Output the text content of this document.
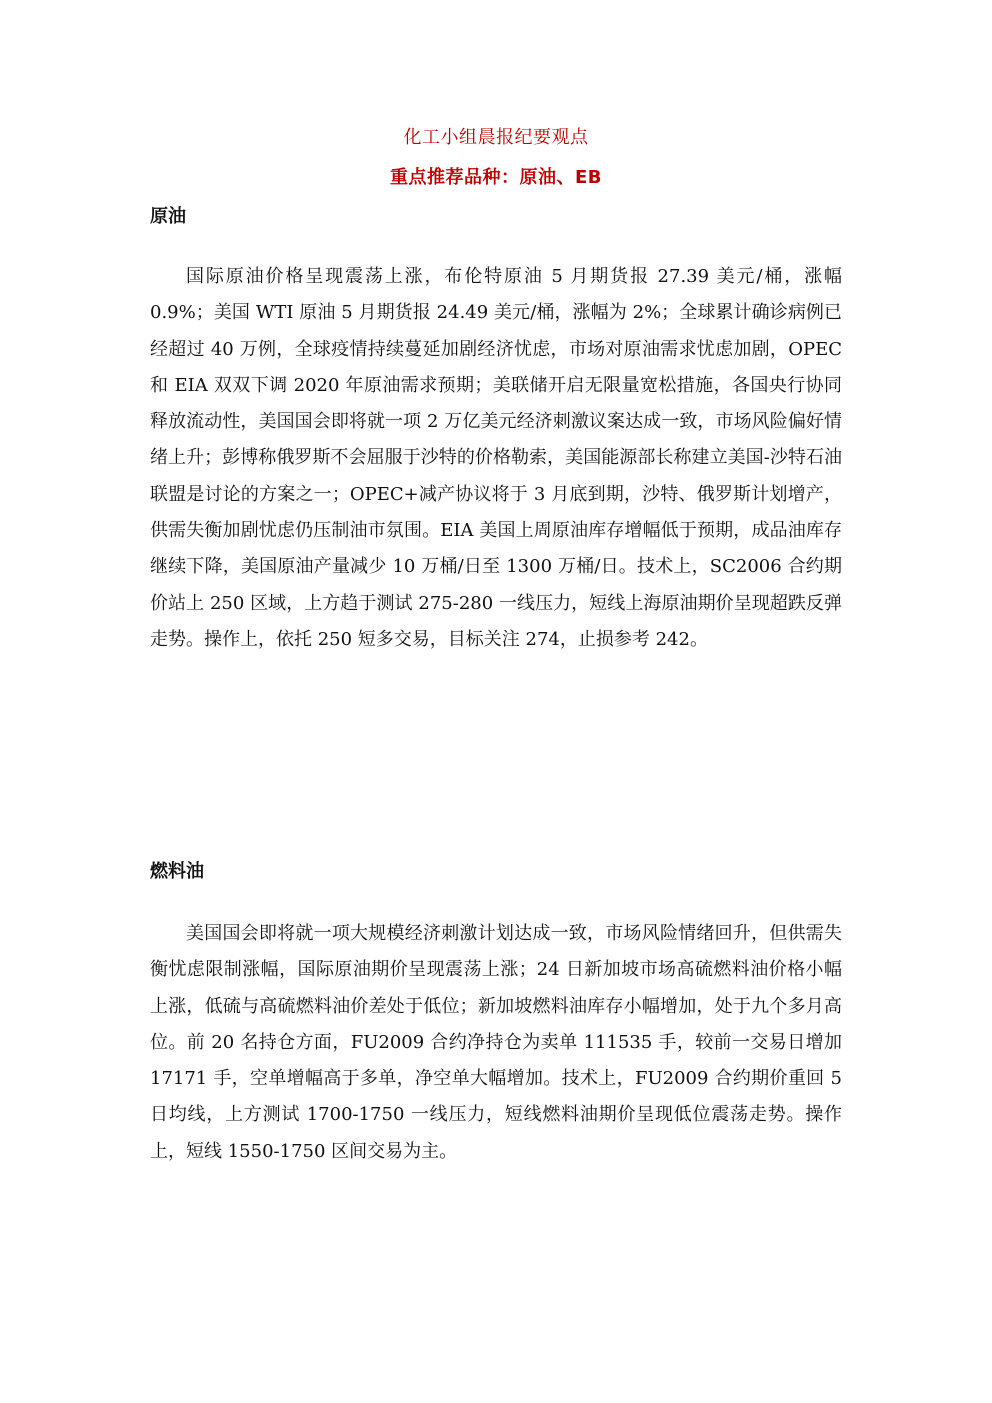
化工小组晨报纪要观点
重点推荐品种：原油、EB
原油

国际原油价格呈现震荡上涨，布伦特原油 5 月期货报 27.39 美元/桶，涨幅 0.9%；美国 WTI 原油 5 月期货报 24.49 美元/桶，涨幅为 2%；全球累计确诊病例已经超过 40 万例，全球疫情持续蔓延加剧经济忧虑，市场对原油需求忧虑加剧，OPEC 和 EIA 双双下调 2020 年原油需求预期；美联储开启无限量宽松措施，各国央行协同释放流动性，美国国会即将就一项 2 万亿美元经济刺激议案达成一致，市场风险偏好情绪上升；彭博称俄罗斯不会屈服于沙特的价格勒索，美国能源部长称建立美国-沙特石油联盟是讨论的方案之一；OPEC+减产协议将于 3 月底到期，沙特、俄罗斯计划增产，供需失衡加剧忧虑仍压制油市氛围。EIA 美国上周原油库存增幅低于预期，成品油库存继续下降，美国原油产量减少 10 万桶/日至 1300 万桶/日。技术上，SC2006 合约期价站上 250 区域，上方趋于测试 275-280 一线压力，短线上海原油期价呈现超跌反弹走势。操作上，依托 250 短多交易，目标关注 274，止损参考 242。

燃料油

美国国会即将就一项大规模经济刺激计划达成一致，市场风险情绪回升，但供需失衡忧虑限制涨幅，国际原油期价呈现震荡上涨；24 日新加坡市场高硫燃料油价格小幅上涨，低硫与高硫燃料油价差处于低位；新加坡燃料油库存小幅增加，处于九个多月高位。前 20 名持仓方面，FU2009 合约净持仓为卖单 111535 手，较前一交易日增加 17171 手，空单增幅高于多单，净空单大幅增加。技术上，FU2009 合约期价重回 5 日均线，上方测试 1700-1750 一线压力，短线燃料油期价呈现低位震荡走势。操作上，短线 1550-1750 区间交易为主。
